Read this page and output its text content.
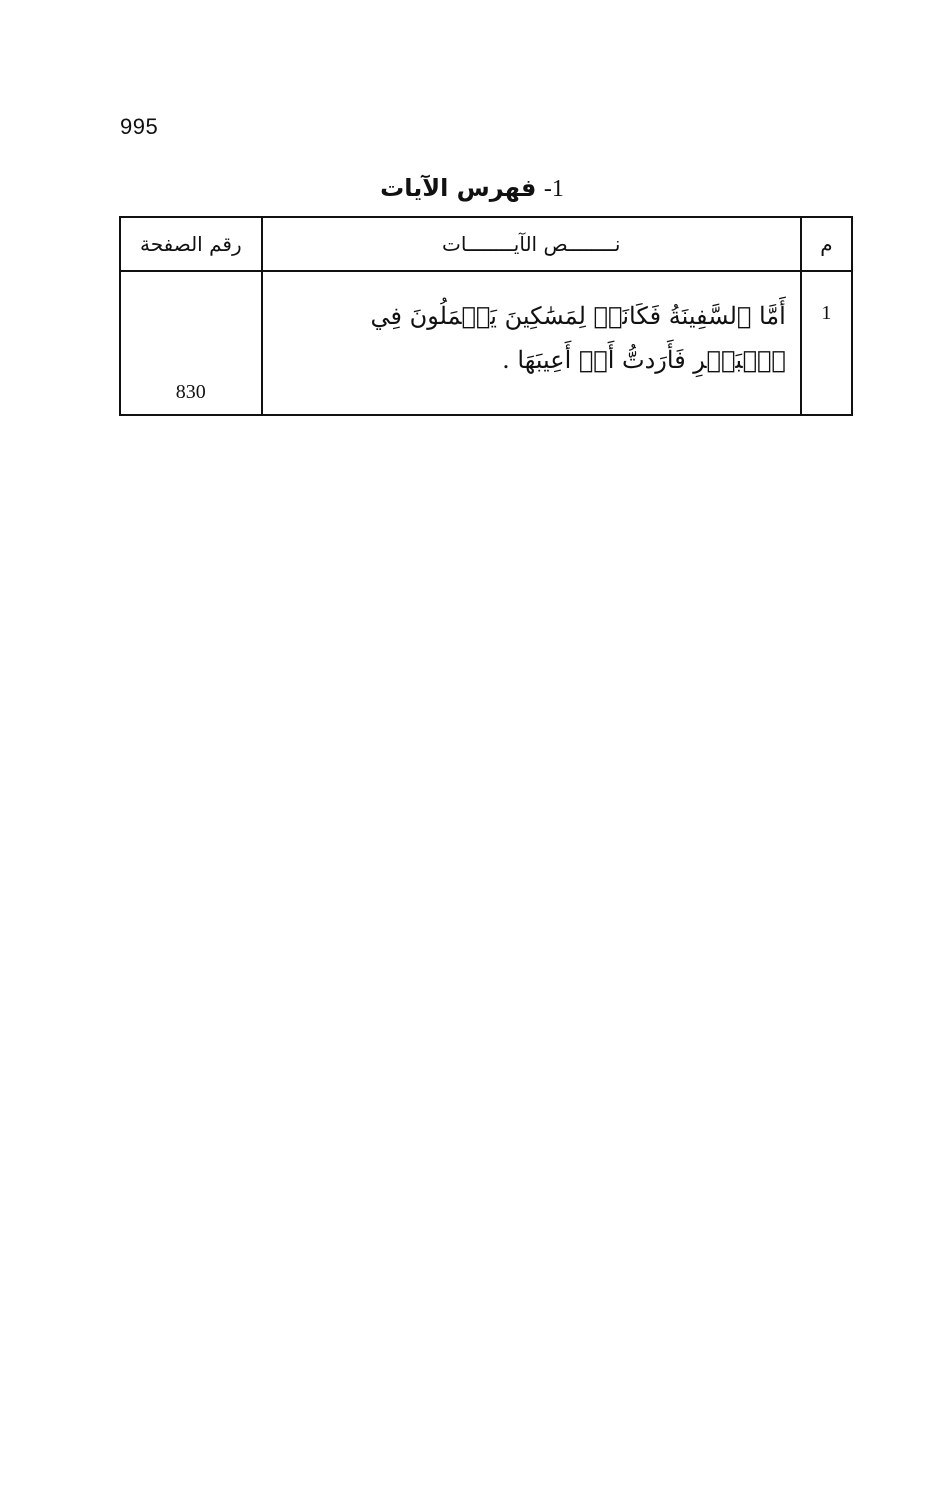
995
1- فهرس الآيات
م	نــــــــص الآيــــــــات	رقم الصفحة
1	أَمَّا ٱلسَّفِينَةُ فَكَانَتۡ لِمَسَٰكِينَ يَعۡمَلُونَ فِي ٱلۡبَحۡرِ فَأَرَدتُّ أَنۡ أَعِيبَهَا .	830
